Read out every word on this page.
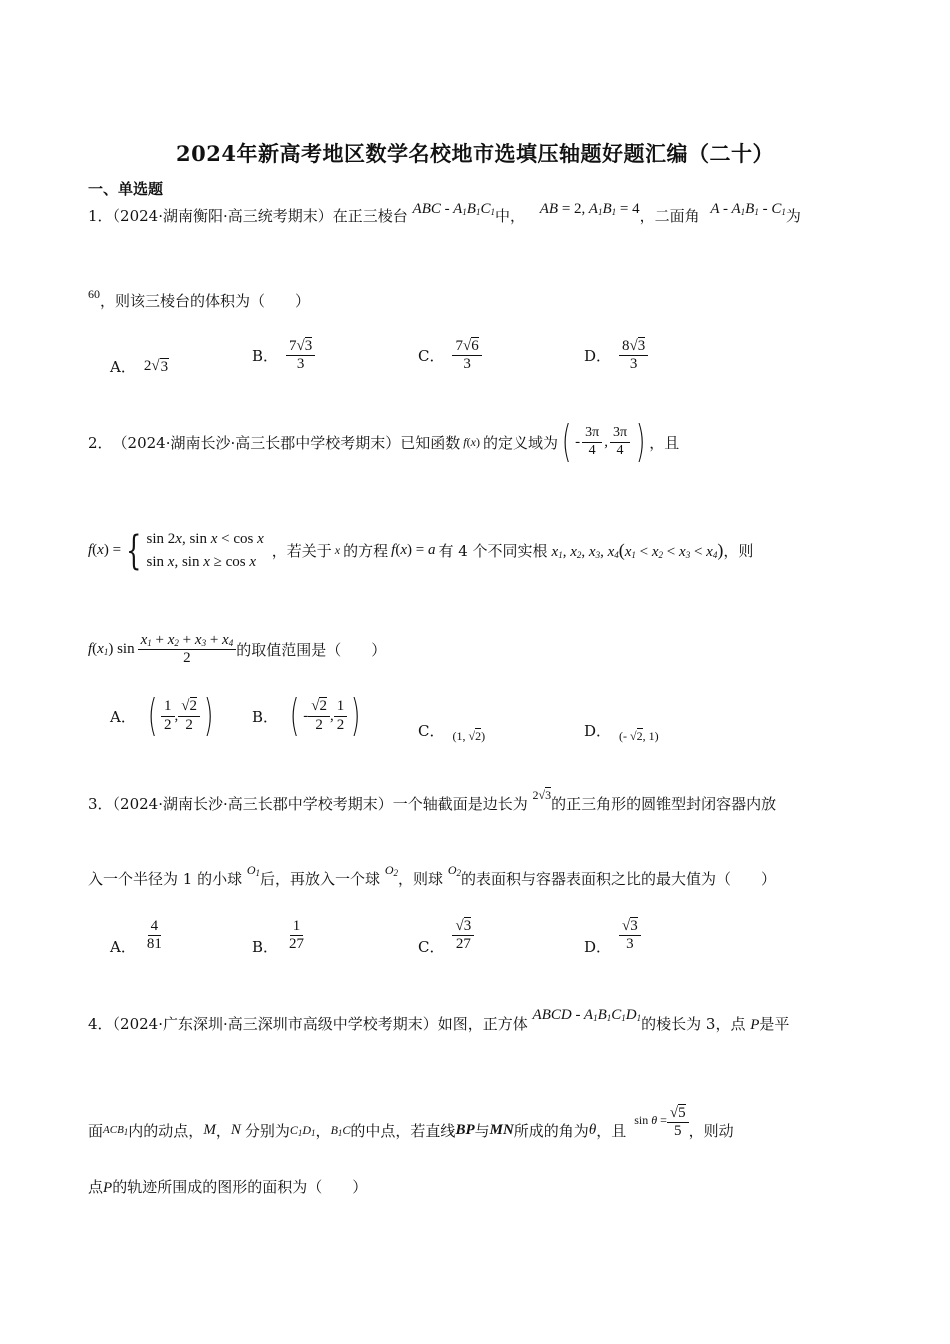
2024年新高考地区数学名校地市选填压轴题好题汇编（二十）
一、单选题
1．（2024·湖南衡阳·高三统考期末）在正三棱台 ABC - $A_1B_1C_1$中， AB = 2, $A_1B_1 = 4$，二面角 A - $A_1B_1 - C_1$为
$^{60}$，则该三棱台的体积为（　　）
A． 2√ 3
B． $\frac{7√3}{3}$	C． $\frac{7√6}{3}$	D． $\frac{8√3}{3}$
2． （2024·湖南长沙·高三长郡中学校考期末）已知函数 f(x) 的定义域为 ( - $\frac{3\pi}{4}$ , $\frac{3\pi}{4}$ ) ，且
f(x) = { sin 2x, sin x < cos x
sin x, sin x ≥ cos x
，若关于 x 的方程 f(x) = a 有 4 个不同实根 $x_1$, $x_2$, $x_3$, $x_4(x_1 < x_2 < x_3 < x_4)$ ，则
$f(x_1)$ $\sin \frac{x_1 + x_2 + x_3 + x_4}{2}$ 的取值范围是（　　）
A． ( $\frac{1}{2}$ , $\frac{√2}{2}$ )	B． ( - $\frac{√2}{2}$ , $\frac{1}{2}$ )	C． (1, √2)	D． (- √2, 1)
3．（2024·湖南长沙·高三长郡中学校考期末）一个轴截面是边长为 $^{2√3}$的正三角形的圆锥型封闭容器内放
入一个半径为 1 的小球 $^{O_1}$后，再放入一个球 $^{O_2}$，则球 $^{O_2}$的表面积与容器表面积之比的最大值为（　　）
A． $\frac{4}{81}$	B． $\frac{1}{27}$	C． $\frac{√3}{27}$	D． $\frac{√3}{3}$
4．（2024·广东深圳·高三深圳市高级中学校考期末）如图，正方体 ABCD - $A_1B_1C_1D_1$的棱长为 3，点 P是平
面 $ACB_1$ 内的动点， M ， N 分别为 $C_1D_1$ ， $B_1C$ 的中点，若直线 BP 与 MN 所成的角为 θ ，且
$\sin \theta = \frac{√5}{5}$ ，则动
点P的轨迹所围成的图形的面积为（　　）
